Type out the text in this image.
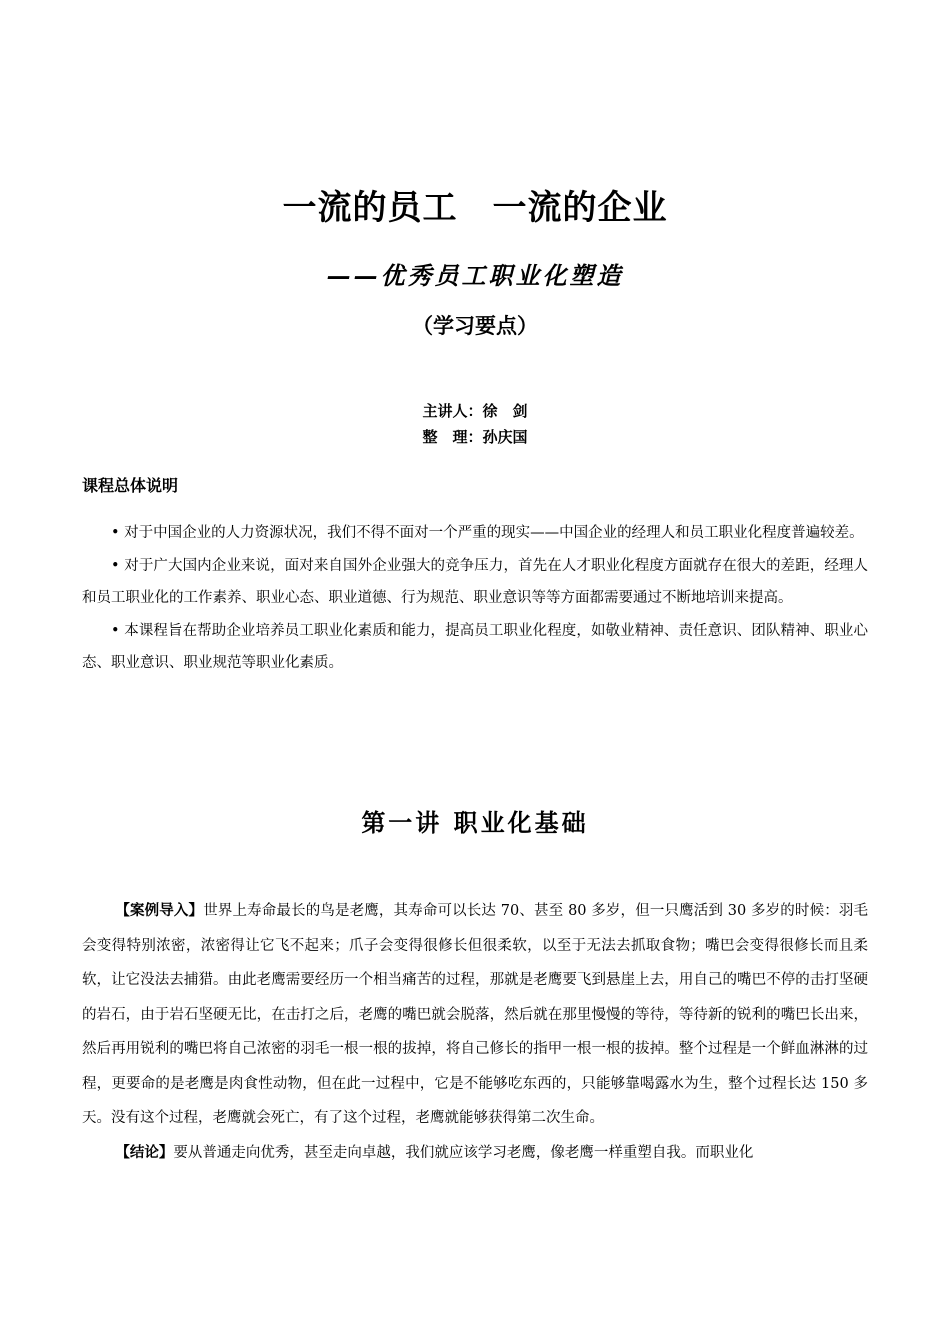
一流的员工　一流的企业
——优秀员工职业化塑造
（学习要点）
主讲人：徐　剑
整　理：孙庆国
课程总体说明

• 对于中国企业的人力资源状况，我们不得不面对一个严重的现实——中国企业的经理人和员工职业化程度普遍较差。

• 对于广大国内企业来说，面对来自国外企业强大的竞争压力，首先在人才职业化程度方面就存在很大的差距，经理人和员工职业化的工作素养、职业心态、职业道德、行为规范、职业意识等等方面都需要通过不断地培训来提高。

• 本课程旨在帮助企业培养员工职业化素质和能力，提高员工职业化程度，如敬业精神、责任意识、团队精神、职业心态、职业意识、职业规范等职业化素质。

第一讲 职业化基础

【案例导入】世界上寿命最长的鸟是老鹰，其寿命可以长达 70、甚至 80 多岁，但一只鹰活到 30 多岁的时候：羽毛会变得特别浓密，浓密得让它飞不起来；爪子会变得很修长但很柔软，以至于无法去抓取食物；嘴巴会变得很修长而且柔软，让它没法去捕猎。由此老鹰需要经历一个相当痛苦的过程，那就是老鹰要飞到悬崖上去，用自己的嘴巴不停的击打坚硬的岩石，由于岩石坚硬无比，在击打之后，老鹰的嘴巴就会脱落，然后就在那里慢慢的等待，等待新的锐利的嘴巴长出来，然后再用锐利的嘴巴将自己浓密的羽毛一根一根的拔掉，将自己修长的指甲一根一根的拔掉。整个过程是一个鲜血淋淋的过程，更要命的是老鹰是肉食性动物，但在此一过程中，它是不能够吃东西的，只能够靠喝露水为生，整个过程长达 150 多天。没有这个过程，老鹰就会死亡，有了这个过程，老鹰就能够获得第二次生命。

【结论】要从普通走向优秀，甚至走向卓越，我们就应该学习老鹰，像老鹰一样重塑自我。而职业化
